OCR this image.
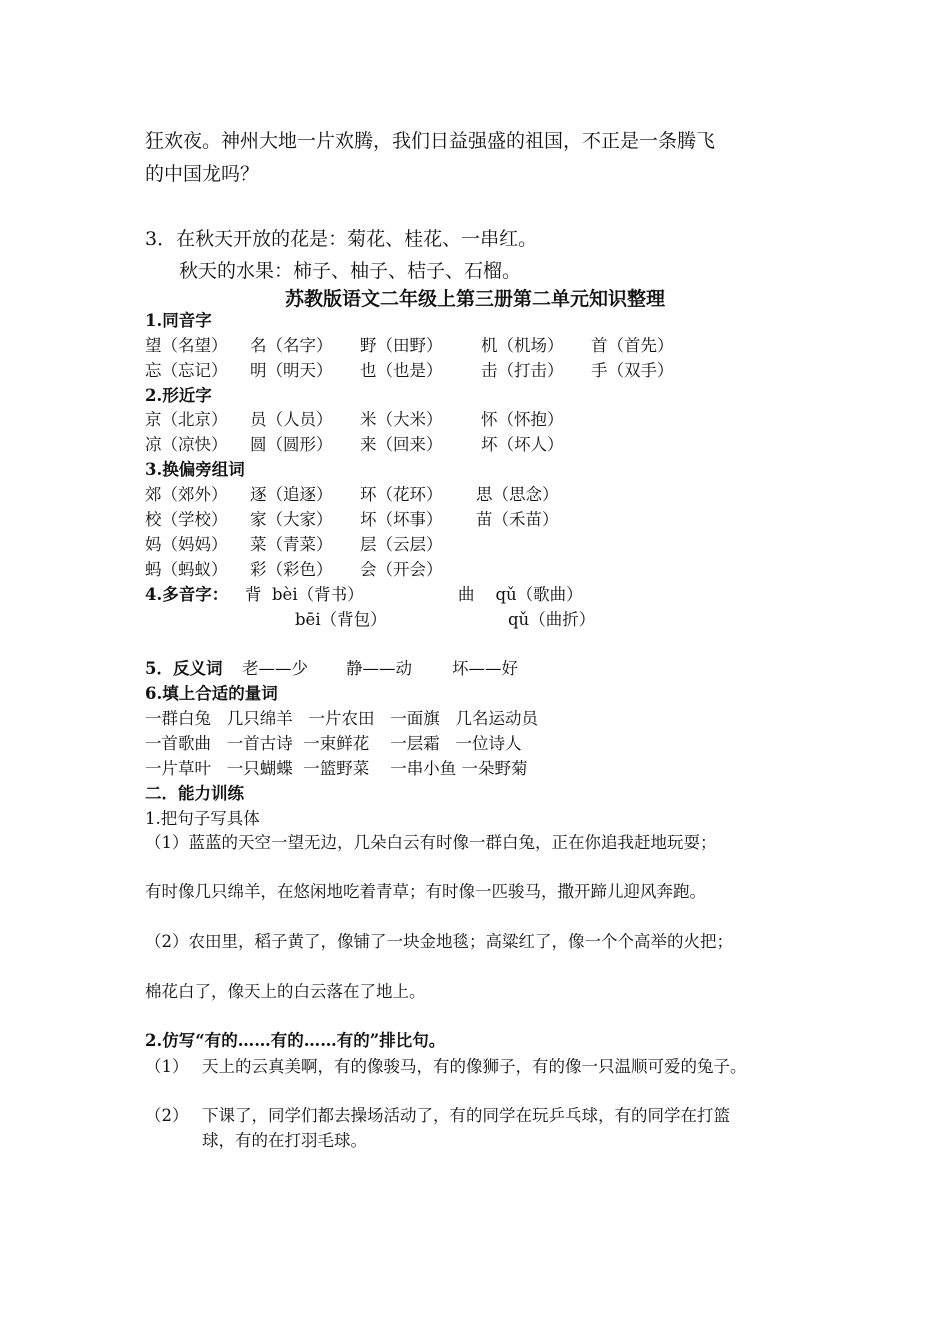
狂欢夜。神州大地一片欢腾，我们日益强盛的祖国，不正是一条腾飞
的中国龙吗？
3．在秋天开放的花是：菊花、桂花、一串红。
秋天的水果：柿子、柚子、桔子、石榴。
苏教版语文二年级上第三册第二单元知识整理
1.同音字
望（名望） 名（名字） 野（田野） 机（机场） 首（首先）
忘（忘记） 明（明天） 也（也是） 击（打击） 手（双手）
2.形近字
京（北京） 员（人员） 米（大米） 怀（怀抱）
凉（凉快） 圆（圆形） 来（回来） 坏（坏人）
3.换偏旁组词
郊（郊外） 逐（追逐） 环（花环） 思（思念）
校（学校） 家（大家） 坏（坏事） 苗（禾苗）
妈（妈妈） 菜（青菜） 层（云层）
蚂（蚂蚁） 彩（彩色） 会（开会）
4.多音字： 背  bèi（背书）	曲    qǔ（歌曲）
bēi（背包）	qǔ（曲折）
5．反义词 老——少 静——动 坏——好
6.填上合适的量词
一群白兔   几只绵羊   一片农田   一面旗   几名运动员
一首歌曲   一首古诗  一束鲜花    一层霜   一位诗人
一片草叶   一只蝴蝶  一篮野菜    一串小鱼 一朵野菊
二．能力训练
1.把句子写具体
（1）蓝蓝的天空一望无边，几朵白云有时像一群白兔，正在你追我赶地玩耍；
有时像几只绵羊，在悠闲地吃着青草；有时像一匹骏马，撒开蹄儿迎风奔跑。
（2）农田里，稻子黄了，像铺了一块金地毯；高粱红了，像一个个高举的火把；
棉花白了，像天上的白云落在了地上。
2.仿写“有的……有的……有的”排比句。
（1） 天上的云真美啊，有的像骏马，有的像狮子，有的像一只温顺可爱的兔子。
（2） 下课了，同学们都去操场活动了，有的同学在玩乒乓球，有的同学在打篮
球，有的在打羽毛球。
